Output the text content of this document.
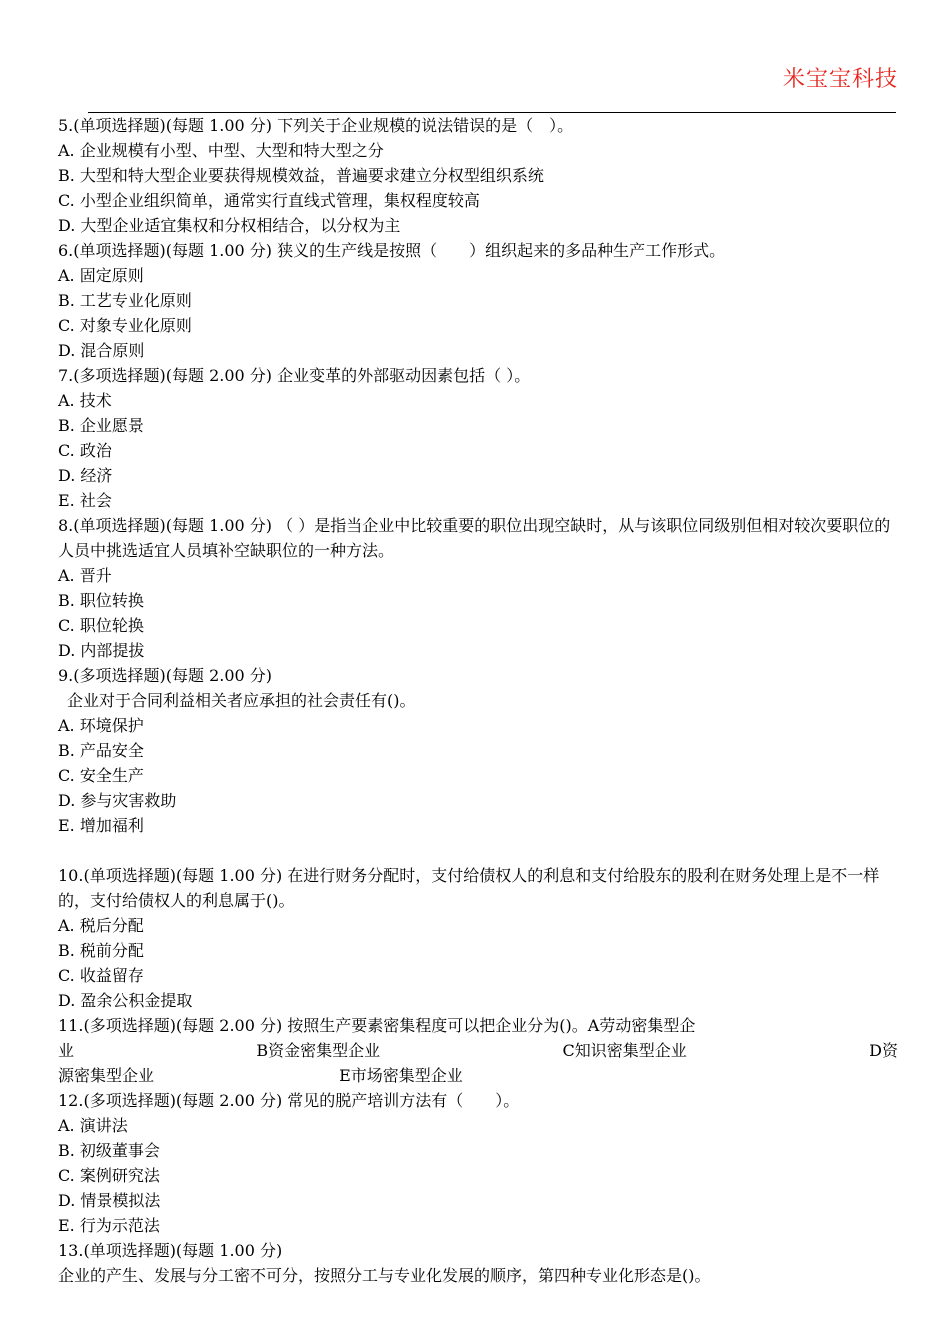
米宝宝科技
5.(单项选择题)(每题 1.00 分) 下列关于企业规模的说法错误的是（　）。
A. 企业规模有小型、中型、大型和特大型之分
B. 大型和特大型企业要获得规模效益，普遍要求建立分权型组织系统
C. 小型企业组织简单，通常实行直线式管理，集权程度较高
D. 大型企业适宜集权和分权相结合，以分权为主
6.(单项选择题)(每题 1.00 分) 狭义的生产线是按照（　　）组织起来的多品种生产工作形式。
A. 固定原则
B. 工艺专业化原则
C. 对象专业化原则
D. 混合原则
7.(多项选择题)(每题 2.00 分) 企业变革的外部驱动因素包括（ ）。
A. 技术
B. 企业愿景
C. 政治
D. 经济
E. 社会
8.(单项选择题)(每题 1.00 分) （ ）是指当企业中比较重要的职位出现空缺时，从与该职位同级别但相对较次要职位的人员中挑选适宜人员填补空缺职位的一种方法。
A. 晋升
B. 职位转换
C. 职位轮换
D. 内部提拔
9.(多项选择题)(每题 2.00 分)
企业对于合同利益相关者应承担的社会责任有()。
A. 环境保护
B. 产品安全
C. 安全生产
D. 参与灾害救助
E. 增加福利
10.(单项选择题)(每题 1.00 分) 在进行财务分配时，支付给债权人的利息和支付给股东的股利在财务处理上是不一样的，支付给债权人的利息属于()。
A. 税后分配
B. 税前分配
C. 收益留存
D. 盈余公积金提取
11.(多项选择题)(每题 2.00 分) 按照生产要素密集程度可以把企业分为()。A劳动密集型企
业	B资金密集型企业	C知识密集型企业	D资
源密集型企业	E市场密集型企业
12.(多项选择题)(每题 2.00 分) 常见的脱产培训方法有（　　）。
A. 演讲法
B. 初级董事会
C. 案例研究法
D. 情景模拟法
E. 行为示范法
13.(单项选择题)(每题 1.00 分)
企业的产生、发展与分工密不可分，按照分工与专业化发展的顺序，第四种专业化形态是()。
